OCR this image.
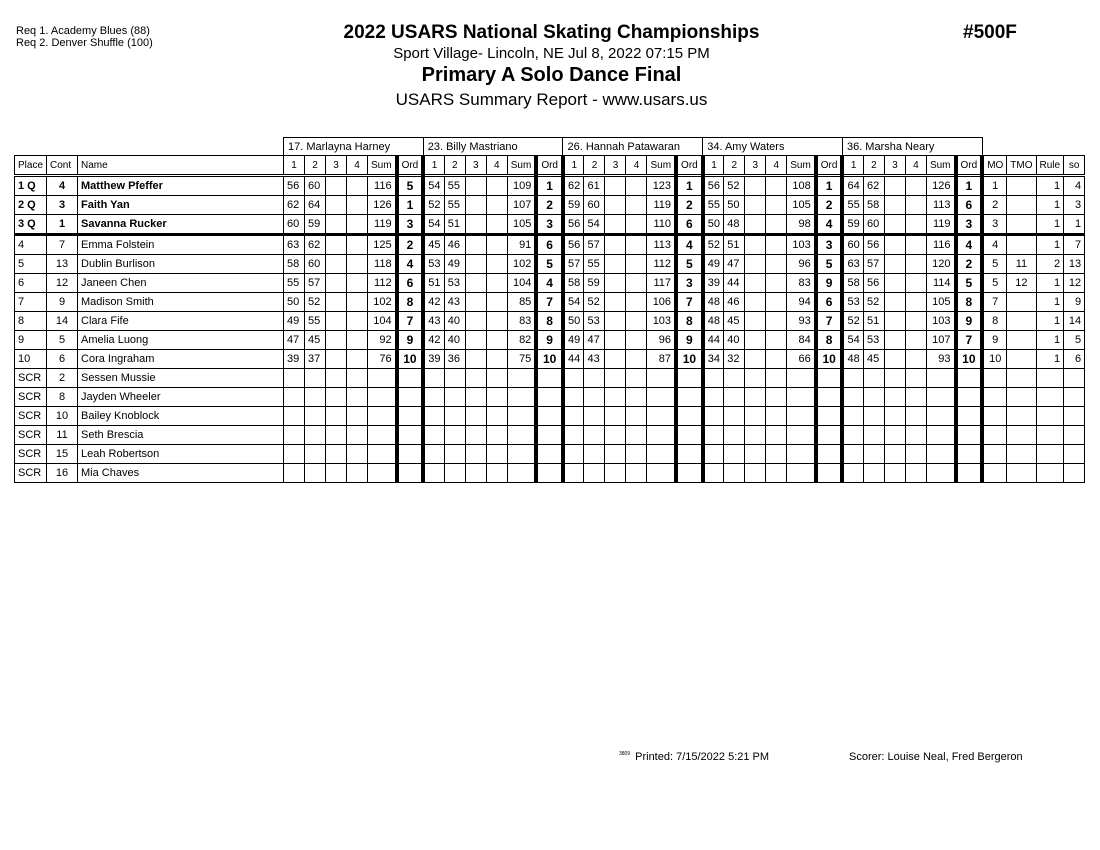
Req 1. Academy Blues (88)
Req 2. Denver Shuffle (100)	#500F
2022 USARS National Skating Championships
Sport Village- Lincoln, NE Jul 8, 2022 07:15 PM
Primary A Solo Dance Final
USARS Summary Report - www.usars.us
			17. Marlayna Harney						23. Billy Mastriano						26. Hannah Patawaran						34. Amy Waters						36. Marsha Neary									
Place	Cont	Name	1	2	3	4	Sum	Ord	1	2	3	4	Sum	Ord	1	2	3	4	Sum	Ord	1	2	3	4	Sum	Ord	1	2	3	4	Sum	Ord	MO	TMO	Rule	so
1 Q	4	Matthew Pfeffer	56	60			116	5	54	55			109	1	62	61			123	1	56	52			108	1	64	62			126	1	1		1	4
2 Q	3	Faith Yan	62	64			126	1	52	55			107	2	59	60			119	2	55	50			105	2	55	58			113	6	2		1	3
3 Q	1	Savanna Rucker	60	59			119	3	54	51			105	3	56	54			110	6	50	48			98	4	59	60			119	3	3		1	1
4	7	Emma Folstein	63	62			125	2	45	46			91	6	56	57			113	4	52	51			103	3	60	56			116	4	4		1	7
5	13	Dublin Burlison	58	60			118	4	53	49			102	5	57	55			112	5	49	47			96	5	63	57			120	2	5	11	2	13
6	12	Janeen Chen	55	57			112	6	51	53			104	4	58	59			117	3	39	44			83	9	58	56			114	5	5	12	1	12
7	9	Madison Smith	50	52			102	8	42	43			85	7	54	52			106	7	48	46			94	6	53	52			105	8	7		1	9
8	14	Clara Fife	49	55			104	7	43	40			83	8	50	53			103	8	48	45			93	7	52	51			103	9	8		1	14
9	5	Amelia Luong	47	45			92	9	42	40			82	9	49	47			96	9	44	40			84	8	54	53			107	7	9		1	5
10	6	Cora Ingraham	39	37			76	10	39	36			75	10	44	43			87	10	34	32			66	10	48	45			93	10	10		1	6
SCR	2	Sessen Mussie																																		
SCR	8	Jayden Wheeler																																		
SCR	10	Bailey Knoblock																																		
SCR	11	Seth Brescia																																		
SCR	15	Leah Robertson																																		
SCR	16	Mia Chaves																																		
$^{3809}$ Printed: 7/15/2022 5:21 PM	Scorer: Louise Neal, Fred Bergeron
